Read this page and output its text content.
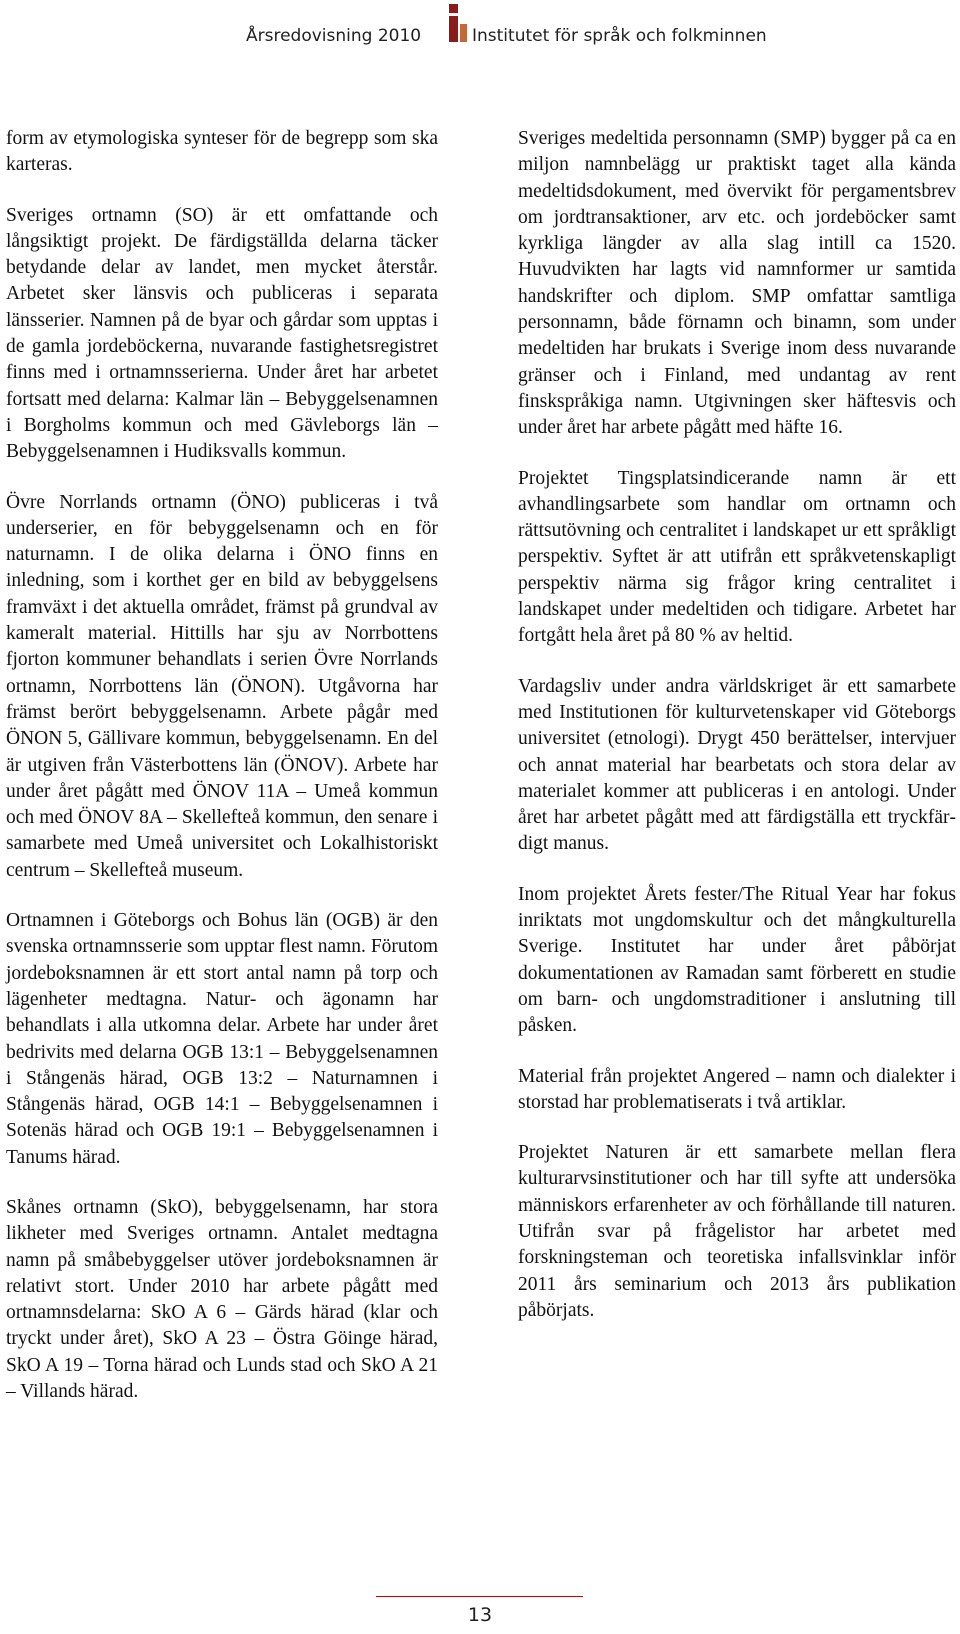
Årsredovisning 2010	Institutet för språk och folkminnen

form av etymologiska synteser för de begrepp som ska karteras.

Sveriges ortnamn (SO) är ett omfattande och långsiktigt projekt. De färdigställda delarna täcker betydande delar av landet, men mycket återstår. Arbetet sker länsvis och publiceras i separata länsserier. Namnen på de byar och gårdar som upptas i de gamla jordeböckerna, nuvarande fastighetsregistret finns med i ortnamnsserierna. Under året har arbetet fortsatt med delarna: Kalmar län – Bebyggelsenamnen i Borgholms kommun och med Gävleborgs län – Bebyggelsenamnen i Hudiksvalls kommun.

Övre Norrlands ortnamn (ÖNO) publiceras i två underserier, en för bebyggelsenamn och en för naturnamn. I de olika delarna i ÖNO finns en inledning, som i korthet ger en bild av bebyggelsens framväxt i det aktuella området, främst på grundval av kameralt material. Hittills har sju av Norrbottens fjorton kommuner behandlats i serien Övre Norrlands ortnamn, Norrbottens län (ÖNON). Utgåvorna har främst berört bebyggelsenamn. Arbete pågår med ÖNON 5, Gällivare kommun, bebyggelsenamn. En del är utgiven från Västerbottens län (ÖNOV). Arbete har under året pågått med ÖNOV 11A – Umeå kommun och med ÖNOV 8A – Skellefteå kommun, den senare i samarbete med Umeå universitet och Lokalhistoriskt centrum – Skellefteå museum.

Ortnamnen i Göteborgs och Bohus län (OGB) är den svenska ortnamnsserie som upptar flest namn. Förutom jordeboksnamnen är ett stort antal namn på torp och lägenheter medtagna. Natur- och ägonamn har behandlats i alla utkomna delar. Arbete har under året bedrivits med delarna OGB 13:1 – Bebyggelsenamnen i Stångenäs härad, OGB 13:2 – Naturnamnen i Stångenäs härad, OGB 14:1 – Bebyggelsenamnen i Sotenäs härad och OGB 19:1 – Bebyggelsenamnen i Tanums härad.

Skånes ortnamn (SkO), bebyggelsenamn, har stora likheter med Sveriges ortnamn. Antalet medtagna namn på småbebyggelser utöver jordeboksnamnen är relativt stort. Under 2010 har arbete pågått med ortnamnsdelarna: SkO A 6 – Gärds härad (klar och tryckt under året), SkO A 23 – Östra Göinge härad, SkO A 19 – Torna härad och Lunds stad och SkO A 21 – Villands härad.

Sveriges medeltida personnamn (SMP) bygger på ca en miljon namnbelägg ur praktiskt taget alla kända medeltidsdokument, med övervikt för pergamentsbrev om jordtransaktioner, arv etc. och jordeböcker samt kyrkliga längder av alla slag intill ca 1520. Huvudvikten har lagts vid namnformer ur samtida handskrifter och diplom. SMP omfattar samtliga personnamn, både förnamn och binamn, som under medeltiden har brukats i Sverige inom dess nuvarande gränser och i Finland, med undantag av rent finskspråkiga namn. Utgivningen sker häftesvis och under året har arbete pågått med häfte 16.

Projektet Tingsplatsindicerande namn är ett avhandlingsarbete som handlar om ortnamn och rättsutövning och centralitet i landskapet ur ett språkligt perspektiv. Syftet är att utifrån ett språkvetenskapligt perspektiv närma sig frågor kring centralitet i landskapet under medeltiden och tidigare. Arbetet har fortgått hela året på 80 % av heltid.

Vardagsliv under andra världskriget är ett samarbete med Institutionen för kulturvetenskaper vid Göteborgs universitet (etnologi). Drygt 450 berättelser, intervjuer och annat material har bearbetats och stora delar av materialet kommer att publiceras i en antologi. Under året har arbetet pågått med att färdigställa ett tryckfärdigt manus.

Inom projektet Årets fester/The Ritual Year har fokus inriktats mot ungdomskultur och det mångkulturella Sverige. Institutet har under året påbörjat dokumentationen av Ramadan samt förberett en studie om barn- och ungdomstraditioner i anslutning till påsken.

Material från projektet Angered – namn och dialekter i storstad har problematiserats i två artiklar.

Projektet Naturen är ett samarbete mellan flera kulturarvsinstitutioner och har till syfte att undersöka människors erfarenheter av och förhållande till naturen. Utifrån svar på frågelistor har arbetet med forskningsteman och teoretiska infallsvinklar inför 2011 års seminarium och 2013 års publikation påbörjats.

13
